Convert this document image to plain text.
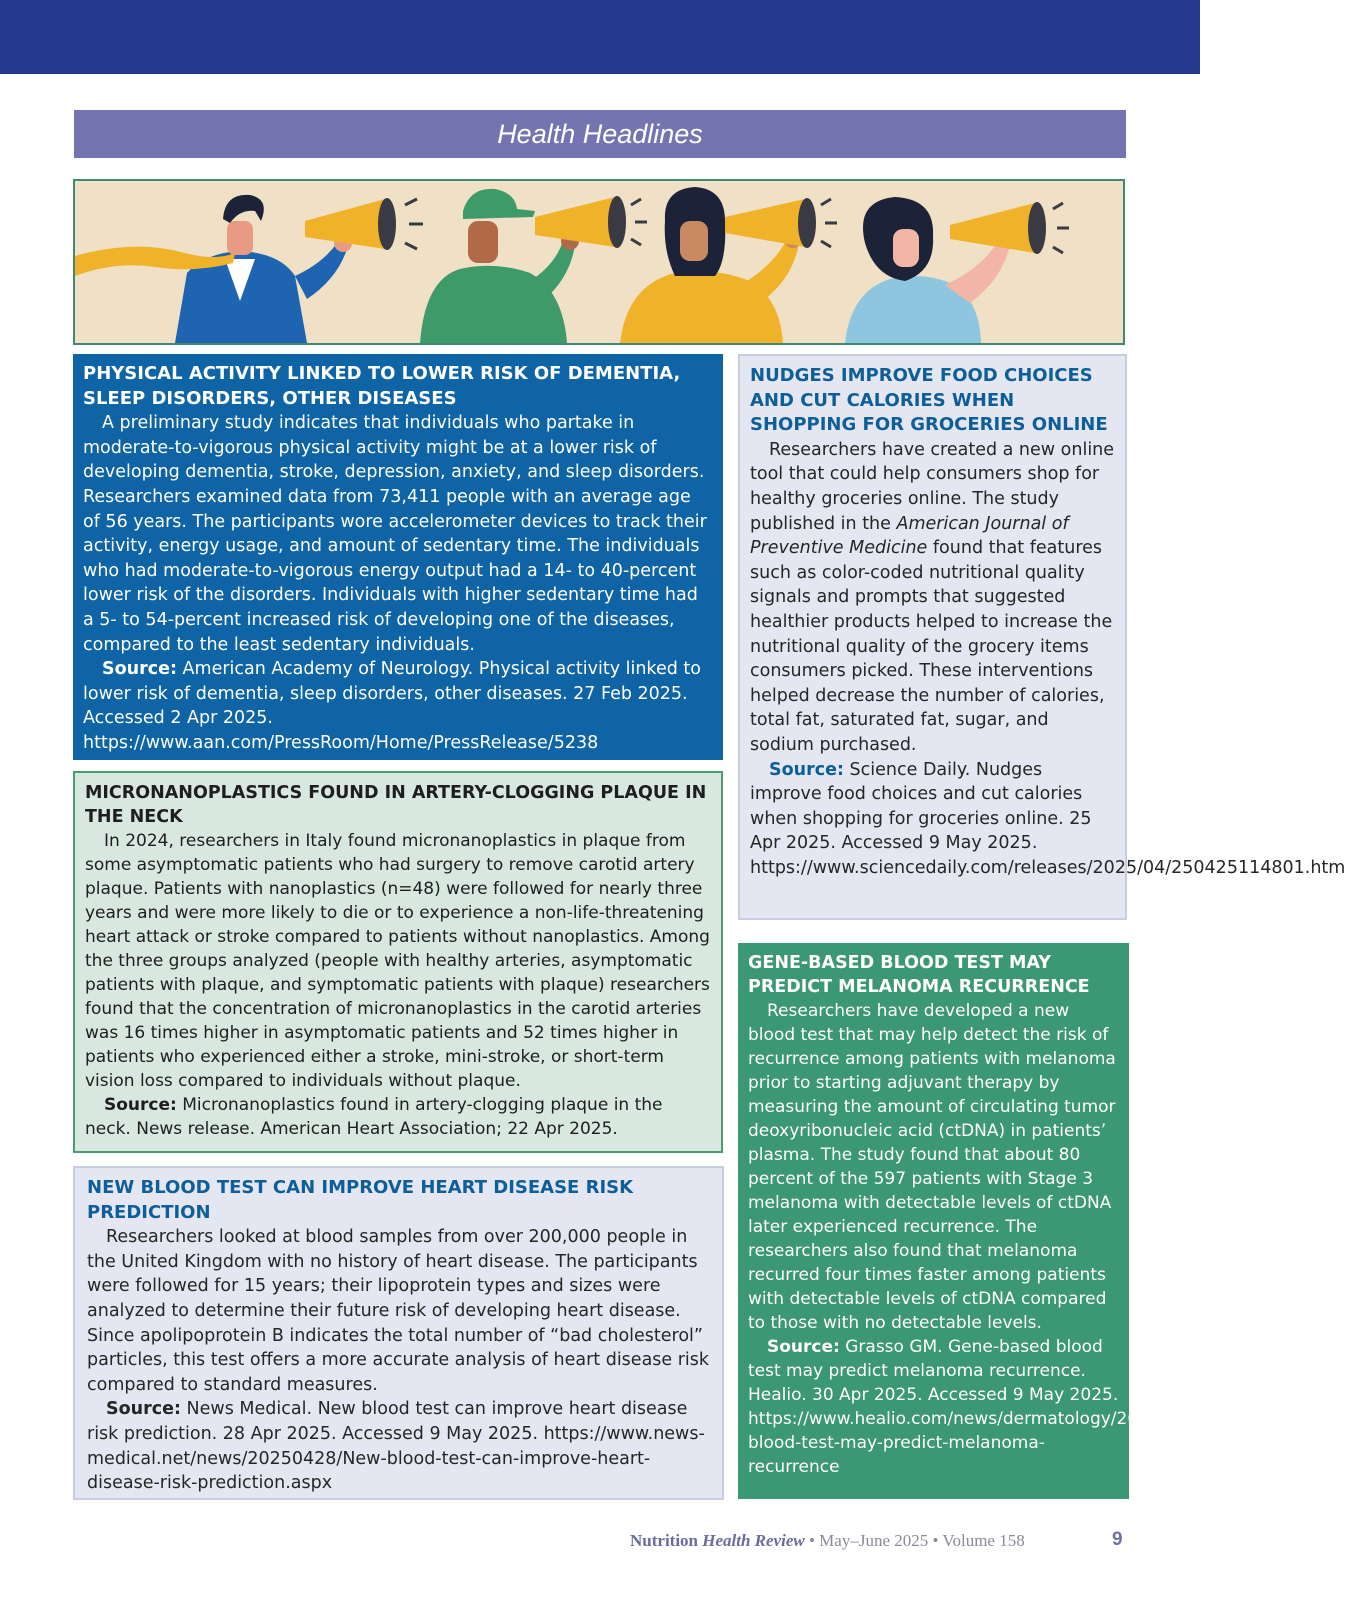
Health Headlines
PHYSICAL ACTIVITY LINKED TO LOWER RISK OF DEMENTIA, SLEEP DISORDERS, OTHER DISEASES

A preliminary study indicates that individuals who partake in moderate-to-vigorous physical activity might be at a lower risk of developing dementia, stroke, depression, anxiety, and sleep disorders. Researchers examined data from 73,411 people with an average age of 56 years. The participants wore accelerometer devices to track their activity, energy usage, and amount of sedentary time. The individuals who had moderate-to-vigorous energy output had a 14- to 40-percent lower risk of the disorders. Individuals with higher sedentary time had a 5- to 54-percent increased risk of developing one of the diseases, compared to the least sedentary individuals.

Source: American Academy of Neurology. Physical activity linked to lower risk of dementia, sleep disorders, other diseases. 27 Feb 2025. Accessed 2 Apr 2025. https://www.aan.com/PressRoom/Home/PressRelease/5238

MICRONANOPLASTICS FOUND IN ARTERY-CLOGGING PLAQUE IN THE NECK

In 2024, researchers in Italy found micronanoplastics in plaque from some asymptomatic patients who had surgery to remove carotid artery plaque. Patients with nanoplastics (n=48) were followed for nearly three years and were more likely to die or to experience a non-life-threatening heart attack or stroke compared to patients without nanoplastics. Among the three groups analyzed (people with healthy arteries, asymptomatic patients with plaque, and symptomatic patients with plaque) researchers found that the concentration of micronanoplastics in the carotid arteries was 16 times higher in asymptomatic patients and 52 times higher in patients who experienced either a stroke, mini-stroke, or short-term vision loss compared to individuals without plaque.

Source: Micronanoplastics found in artery-clogging plaque in the neck. News release. American Heart Association; 22 Apr 2025.

NEW BLOOD TEST CAN IMPROVE HEART DISEASE RISK PREDICTION

Researchers looked at blood samples from over 200,000 people in the United Kingdom with no history of heart disease. The participants were followed for 15 years; their lipoprotein types and sizes were analyzed to determine their future risk of developing heart disease. Since apolipoprotein B indicates the total number of “bad cholesterol” particles, this test offers a more accurate analysis of heart disease risk compared to standard measures.

Source: News Medical. New blood test can improve heart disease risk prediction. 28 Apr 2025. Accessed 9 May 2025. https://www.news-medical.net/news/20250428/New-blood-test-can-improve-heart-disease-risk-prediction.aspx

NUDGES IMPROVE FOOD CHOICES AND CUT CALORIES WHEN SHOPPING FOR GROCERIES ONLINE

Researchers have created a new online tool that could help consumers shop for healthy groceries online. The study published in the American Journal of Preventive Medicine found that features such as color-coded nutritional quality signals and prompts that suggested healthier products helped to increase the nutritional quality of the grocery items consumers picked. These interventions helped decrease the number of calories, total fat, saturated fat, sugar, and sodium purchased.

Source: Science Daily. Nudges improve food choices and cut calories when shopping for groceries online. 25 Apr 2025. Accessed 9 May 2025. https://www.sciencedaily.com/releases/2025/04/250425114801.htm

GENE-BASED BLOOD TEST MAY PREDICT MELANOMA RECURRENCE

Researchers have developed a new blood test that may help detect the risk of recurrence among patients with melanoma prior to starting adjuvant therapy by measuring the amount of circulating tumor deoxyribonucleic acid (ctDNA) in patients’ plasma. The study found that about 80 percent of the 597 patients with Stage 3 melanoma with detectable levels of ctDNA later experienced recurrence. The researchers also found that melanoma recurred four times faster among patients with detectable levels of ctDNA compared to those with no detectable levels.

Source: Grasso GM. Gene-based blood test may predict melanoma recurrence. Healio. 30 Apr 2025. Accessed 9 May 2025. https://www.healio.com/news/dermatology/20250429/genebased-blood-test-may-predict-melanoma-recurrence

Nutrition Health Review • May–June 2025 • Volume 158	9
